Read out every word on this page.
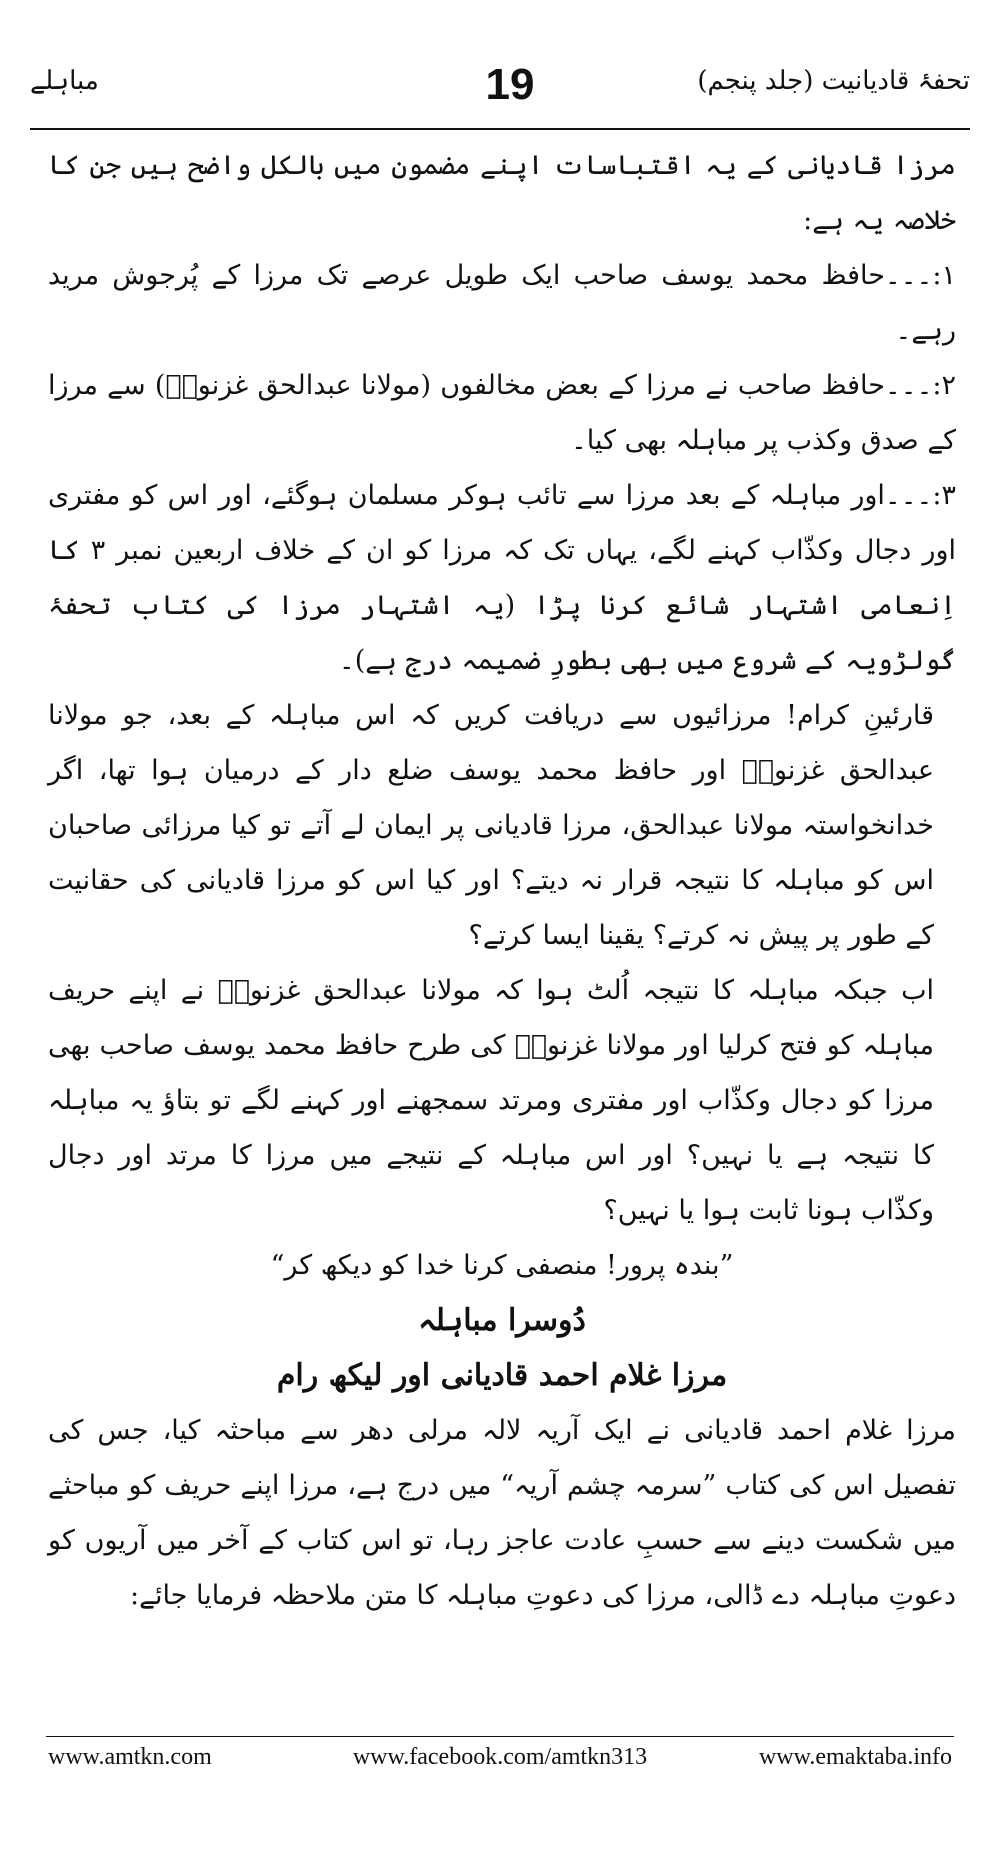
تحفۂ قادیانیت (جلد پنجم)
19
مباہلے

مرزا قادیانی کے یہ اقتباسات اپنے مضمون میں بالکل واضح ہیں جن کا خلاصہ یہ ہے:

۱:۔۔۔حافظ محمد یوسف صاحب ایک طویل عرصے تک مرزا کے پُرجوش مرید رہے۔

۲:۔۔۔حافظ صاحب نے مرزا کے بعض مخالفوں (مولانا عبدالحق غزنویؒ) سے مرزا کے صدق وکذب پر مباہلہ بھی کیا۔

۳:۔۔۔اور مباہلہ کے بعد مرزا سے تائب ہوکر مسلمان ہوگئے، اور اس کو مفتری اور دجال وکذّاب کہنے لگے، یہاں تک کہ مرزا کو ان کے خلاف اربعین نمبر ۳ کا اِنعامی اشتہار شائع کرنا پڑا (یہ اشتہار مرزا کی کتاب تحفۂ گولڑویہ کے شروع میں بھی بطورِ ضمیمہ درج ہے)۔

قارئینِ کرام! مرزائیوں سے دریافت کریں کہ اس مباہلہ کے بعد، جو مولانا عبدالحق غزنویؒ اور حافظ محمد یوسف ضلع دار کے درمیان ہوا تھا، اگر خدانخواستہ مولانا عبدالحق، مرزا قادیانی پر ایمان لے آتے تو کیا مرزائی صاحبان اس کو مباہلہ کا نتیجہ قرار نہ دیتے؟ اور کیا اس کو مرزا قادیانی کی حقانیت کے طور پر پیش نہ کرتے؟ یقینا ایسا کرتے؟

اب جبکہ مباہلہ کا نتیجہ اُلٹ ہوا کہ مولانا عبدالحق غزنویؒ نے اپنے حریف مباہلہ کو فتح کرلیا اور مولانا غزنویؒ کی طرح حافظ محمد یوسف صاحب بھی مرزا کو دجال وکذّاب اور مفتری ومرتد سمجھنے اور کہنے لگے تو بتاؤ یہ مباہلہ کا نتیجہ ہے یا نہیں؟ اور اس مباہلہ کے نتیجے میں مرزا کا مرتد اور دجال وکذّاب ہونا ثابت ہوا یا نہیں؟

”بندہ پرور! منصفی کرنا خدا کو دیکھ کر“

دُوسرا مباہلہ

مرزا غلام احمد قادیانی اور لیکھ رام

مرزا غلام احمد قادیانی نے ایک آریہ لالہ مرلی دھر سے مباحثہ کیا، جس کی تفصیل اس کی کتاب ”سرمہ چشم آریہ“ میں درج ہے، مرزا اپنے حریف کو مباحثے میں شکست دینے سے حسبِ عادت عاجز رہا، تو اس کتاب کے آخر میں آریوں کو دعوتِ مباہلہ دے ڈالی، مرزا کی دعوتِ مباہلہ کا متن ملاحظہ فرمایا جائے:

www.amtkn.com	www.facebook.com/amtkn313	www.emaktaba.info
